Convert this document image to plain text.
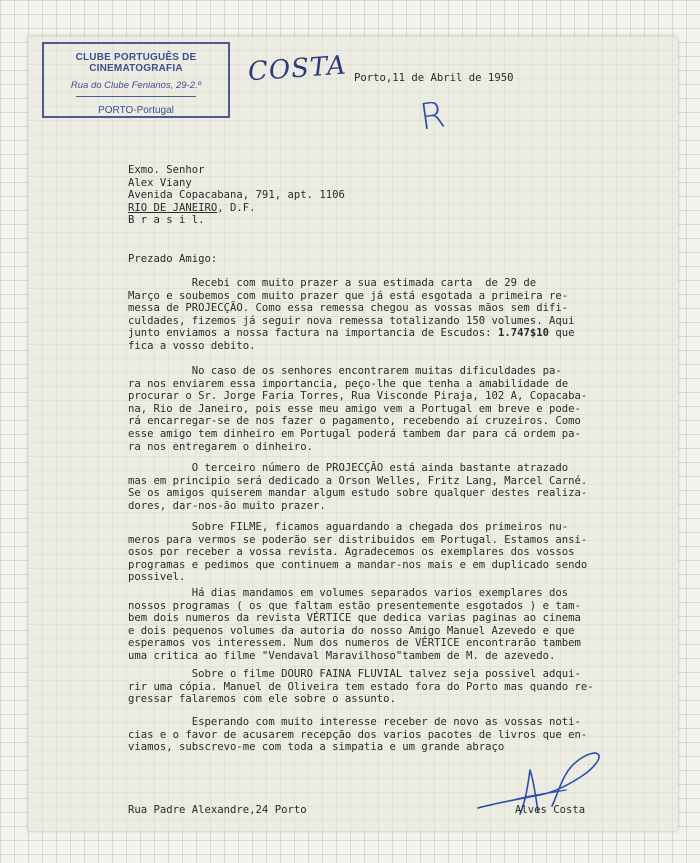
CLUBE PORTUGUÊS DE CINEMATOGRAFIA
Rua do Clube Fenianos, 29-2.º
PORTO-Portugal
COSTA Porto,11 de Abril de 1950
R
Exmo. Senhor
Alex Viany
Avenida Copacabana, 791, apt. 1106
RIO DE JANEIRO, D.F.
B r a s i l.
Prezado Amigo:
Recebi com muito prazer a sua estimada carta  de 29 de
Março e soubemos com muito prazer que já está esgotada a primeira re-
messa de PROJECÇÃO. Como essa remessa chegou as vossas mãos sem difi-
culdades, fizemos já seguir nova remessa totalizando 150 volumes. Aqui
junto enviamos a nossa factura na importancia de Escudos: 1.747$10 que
fica a vosso debito.
No caso de os senhores encontrarem muitas dificuldades pa-
ra nos enviarem essa importancia, peço-lhe que tenha a amabilidade de
procurar o Sr. Jorge Faria Torres, Rua Visconde Piraja, 102 A, Copacaba-
na, Rio de Janeiro, pois esse meu amigo vem a Portugal em breve e pode-
rá encarregar-se de nos fazer o pagamento, recebendo aí cruzeiros. Como
esse amigo tem dinheiro em Portugal poderá tambem dar para cá ordem pa-
ra nos entregarem o dinheiro.
O terceiro número de PROJECÇÃO está ainda bastante atrazado
mas em principio será dedicado a Orson Welles, Fritz Lang, Marcel Carné.
Se os amigos quiserem mandar algum estudo sobre qualquer destes realiza-
dores, dar-nos-ão muito prazer.
Sobre FILME, ficamos aguardando a chegada dos primeiros nu-
meros para vermos se poderão ser distribuidos em Portugal. Estamos ansi-
osos por receber a vossa revista. Agradecemos os exemplares dos vossos
programas e pedimos que continuem a mandar-nos mais e em duplicado sendo
possivel.
Há dias mandamos em volumes separados varios exemplares dos
nossos programas ( os que faltam estão presentemente esgotados ) e tam-
bem dois numeros da revista VÉRTICE que dedica varias paginas ao cinema
e dois pequenos volumes da autoria do nosso Amigo Manuel Azevedo e que
esperamos vos interessem. Num dos numeros de VÉRTICE encontrarão tambem
uma critica ao filme "Vendaval Maravilhoso"tambem de M. de azevedo.
Sobre o filme DOURO FAINA FLUVIAL talvez seja possivel adqui-
rir uma cópia. Manuel de Oliveira tem estado fora do Porto mas quando re-
gressar falaremos com ele sobre o assunto.
Esperando com muito interesse receber de novo as vossas noti-
cias e o favor de acusarem recepção dos varios pacotes de livros que en-
viamos, subscrevo-me com toda a simpatia e um grande abraço
Rua Padre Alexandre,24 Porto	Alves Costa
